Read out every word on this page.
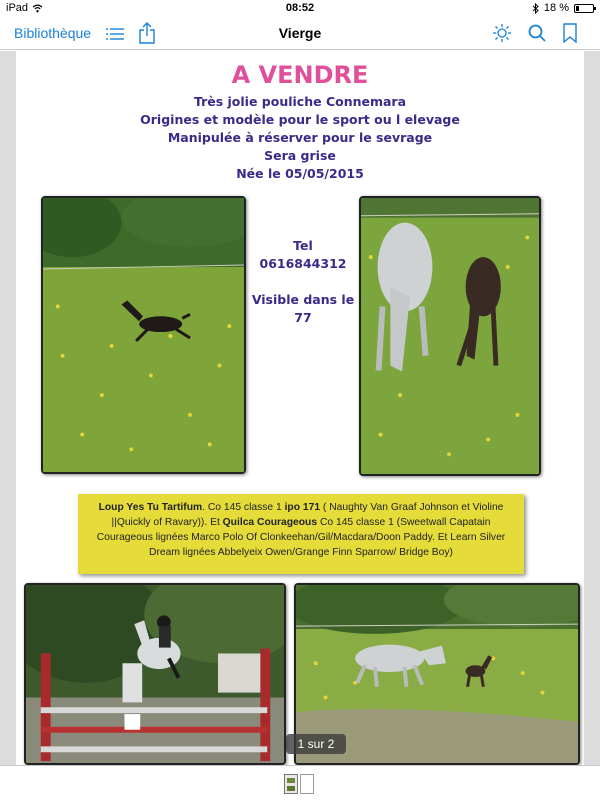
iPad	08:52	18 %
Bibliothèque	Vierge
A VENDRE
Très jolie pouliche Connemara
Origines et modèle pour le sport ou l elevage
Manipulée à réserver pour le sevrage
Sera grise
Née le 05/05/2015
Tel
0616844312
Visible dans le
77
Loup Yes Tu Tartifum. Co 145 classe 1 ipo 171 ( Naughty Van Graaf Johnson et Violine ||Quickly of Ravary)). Et Quilca Courageous Co 145 classe 1 (Sweetwall Capatain Courageous lignées Marco Polo Of Clonkeehan/Gil/Macdara/Doon Paddy. Et Learn Silver Dream lignées Abbelyeix Owen/Grange Finn Sparrow/ Bridge Boy)
1 sur 2
